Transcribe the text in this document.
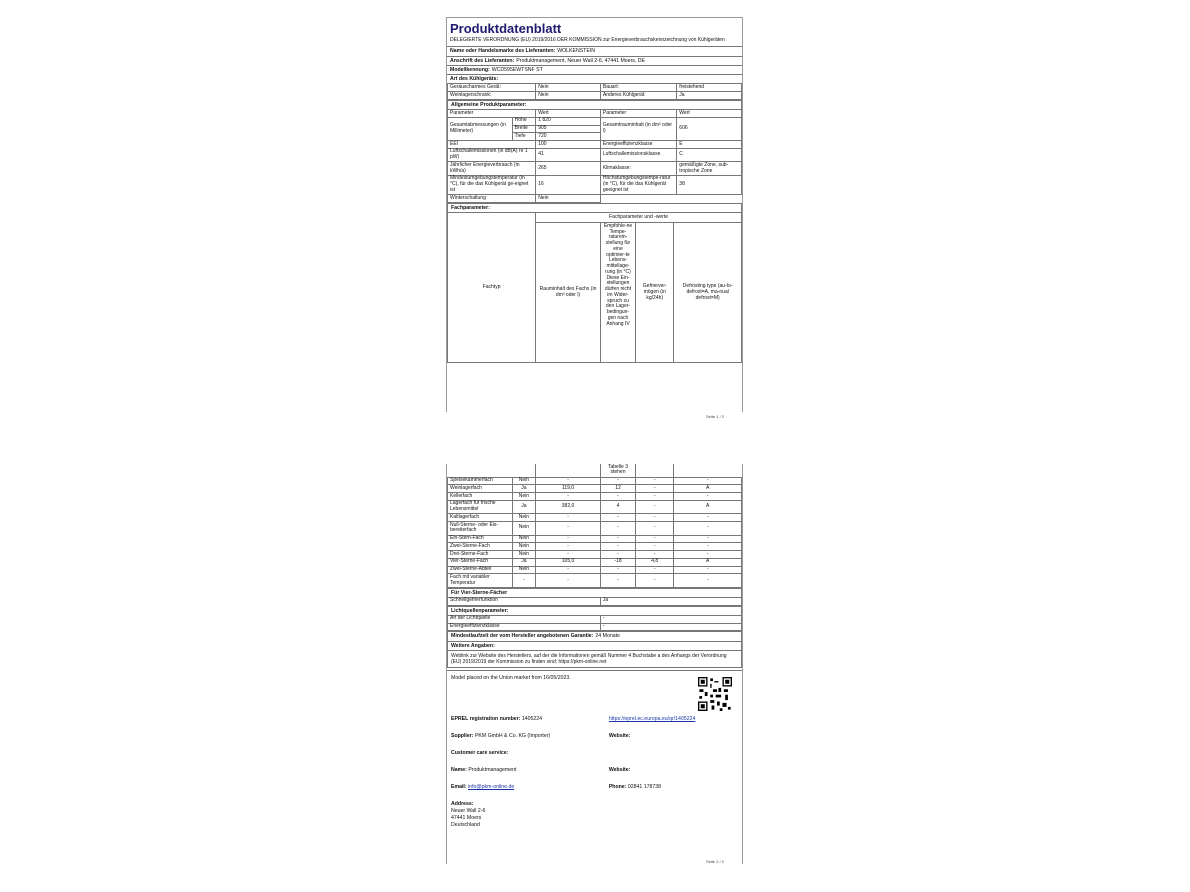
Produktdatenblatt
DELEGIERTE VERORDNUNG (EU) 2019/2016 DER KOMMISSION zur Energieverbrauchskennzeichnung von Kühlgeräten
Name oder Handelsmarke des Lieferanten: WOLKENSTEIN
Anschrift des Lieferanten: Produktmanagement, Neuer Wall 2-6, 47441 Moers, DE
Modellkennung: WCD595EWTSNF ST
Art des Kühlgeräts:
Geräuscharmes Gerät:	Nein	Bauart:	freistehend
Weinlagerschrank:	Nein	Anderes Kühlgerät:	Ja
Allgemeine Produktparameter:
Parameter		Wert	Parameter	Wert
Gesamtabmessungen (in Millimeter)	Höhe	1 820	Gesamtrauminhalt (in dm³ oder l)	606
	Breite	905		
	Tiefe	720		
EEI		100	Energieeffizienzklasse	E
Luftschallemissionen (in dB(A) re 1 pW)		41	Luftschallemissionsklasse	C
Jährlicher Energieverbrauch (in kWh/a)		265	Klimaklasse:	gemäßigte Zone, sub-tropische Zone
Mindestumgebungstemperatur (in °C), für die das Kühlgerät ge-eignet ist		16	Höchstumgebungstempe-ratur (in °C), für die das Kühlgerät geeignet ist	38
Winterschaltung		Nein		
Fachparameter:
Fachtyp	Fachparameter und -werte			
	Rauminhalt des Fachs (in dm³ oder l)	Empfohle-ne Tempe-raturein-stellung für eine optimier-te Lebens-mittellage-rung (in °C) Diese Ein-stellungen dürfen nicht im Wider-spruch zu den Lager-bedingun-gen nach Anhang IV	Gefrierver-mögen (in kg/24h)	Defrosting type (au-to-defrost=A, ma-nual defrost=M)
Seite 1 / 2
			Tabelle 3 stehen		
Speisekammerfach	Nein	-	-	-	-
Weinlagerfach	Ja	119,0	12	-	A
Kellerfach	Nein	-	-	-	-
Lagerfach für frische Lebensmittel	Ja	382,0	4	-	A
Kaltlagerfach	Nein	-	-	-	-
Null-Sterne- oder Eis-bereiterfach	Nein	-	-	-	-
Ein-Stern-Fach	Nein	-	-	-	-
Zwei-Sterne-Fach	Nein	-	-	-	-
Drei-Sterne-Fach	Nein	-	-	-	-
Vier-Sterne-Fach	Ja	105,0	-18	4,8	A
Zwei-Sterne-Abteil	Nein	-	-	-	-
Fach mit variabler Temperatur	-	-	-	-	-
Für Vier-Sterne-Fächer
Schnellgefrierfunktion	Ja
Lichtquellenparameter:
Art der Lichtquelle	-
Energieeffizienzklasse	-
Mindestlaufzeit der vom Hersteller angebotenen Garantie: 24 Monate
Weitere Angaben:
Weblink zur Website des Herstellers, auf der die Informationen gemäß Nummer 4 Buchstabe a des Anhangs der Verordnung (EU) 2019/2019 der Kommission zu finden sind: https://pkm-online.net
Model placed on the Union market from 16/05/2023.
EPREL registration number: 1405224	https://eprel.ec.europa.eu/qr/1405224
Supplier: PKM GmbH & Co. KG (Importer)	Website:
Customer care service:
Name: Produktmanagement	Website:
Email: info@pkm-online.de	Phone: 02841 178738
Address:
Neuer Wall 2-6
47441 Moers
Deutschland
Seite 2 / 2
